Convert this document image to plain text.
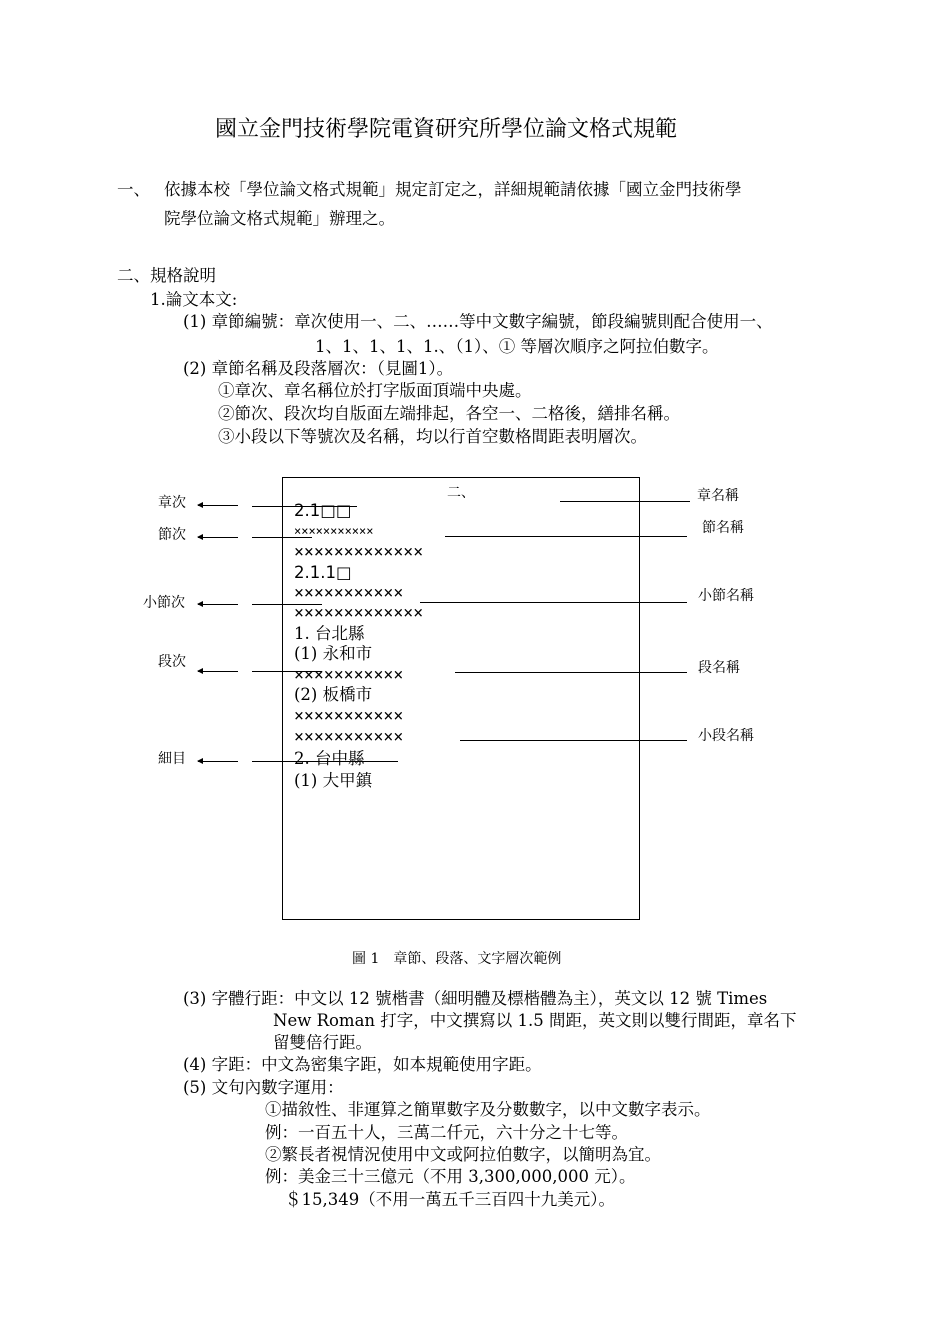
國立金門技術學院電資研究所學位論文格式規範
一、 依據本校「學位論文格式規範」規定訂定之，詳細規範請依據「國立金門技術學
院學位論文格式規範」辦理之。
二、規格說明
1.論文本文:
(1) 章節編號：章次使用一、二、……等中文數字編號，節段編號則配合使用一、
1、1、1、1、1.、（1）、① 等層次順序之阿拉伯數字。
(2) 章節名稱及段落層次：（見圖1）。
①章次、章名稱位於打字版面頂端中央處。
②節次、段次均自版面左端排起，各空一、二格後，繕排名稱。
③小段以下等號次及名稱，均以行首空數格間距表明層次。
二、
2.1□□
×××××××××××
×××××××××××××
2.1.1□
×××××××××××
×××××××××××××
1. 台北縣
(1) 永和市
×××××××××××
(2) 板橋市
×××××××××××
×××××××××××
2. 台中縣
(1) 大甲鎮
章次
節次
小節次
段次
細目
章名稱
節名稱
小節名稱
段名稱
小段名稱
圖 1　章節、段落、文字層次範例
(3) 字體行距：中文以 12 號楷書（細明體及標楷體為主），英文以 12 號 Times
New Roman 打字，中文撰寫以 1.5 間距，英文則以雙行間距，章名下
留雙倍行距。
(4) 字距：中文為密集字距，如本規範使用字距。
(5) 文句內數字運用：
①描敘性、非運算之簡單數字及分數數字，以中文數字表示。
例：一百五十人，三萬二仟元，六十分之十七等。
②繁長者視情況使用中文或阿拉伯數字，以簡明為宜。
例：美金三十三億元（不用 3,300,000,000 元）。
＄15,349（不用一萬五千三百四十九美元）。
